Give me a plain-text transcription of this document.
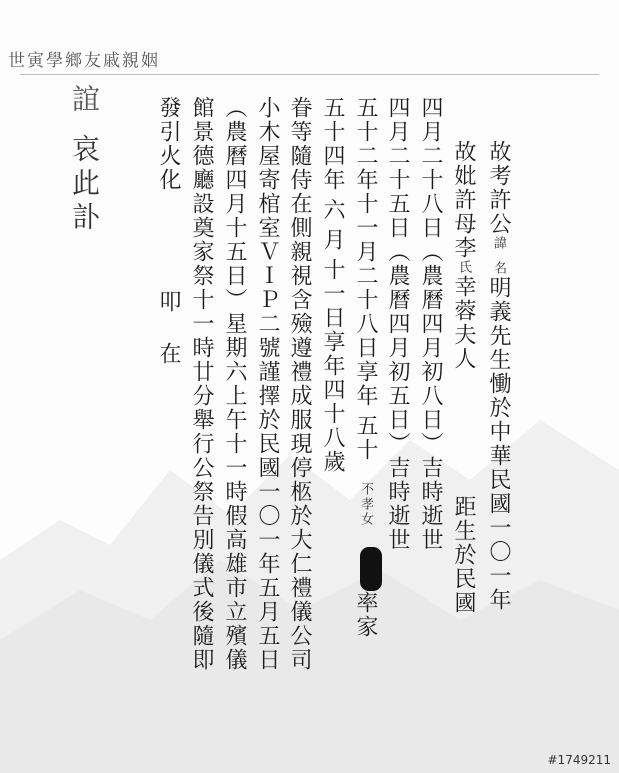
世寅學鄉友戚親姻
誼
哀此訃	故考許公諱名明義先生慟於中華民國一〇一年
故妣許母李氏幸蓉夫人距生於民國
四月二十八日（農曆四月初八日）吉時逝世
四月二十五日（農曆四月初五日）吉時逝世
五十二年十一月二十八日享年五十不孝女率家
五十四年六月十一日享年四十八歲
眷等隨侍在側親視含殮遵禮成服現停柩於大仁禮儀公司
小木屋寄棺室ＶＩＰ二號謹擇於民國一〇一年五月五日
（農曆四月十五日）星期六上午十一時假高雄市立殯儀
館景德廳設奠家祭十一時廿分舉行公祭告別儀式後隨即
發引火化叩在
#1749211
